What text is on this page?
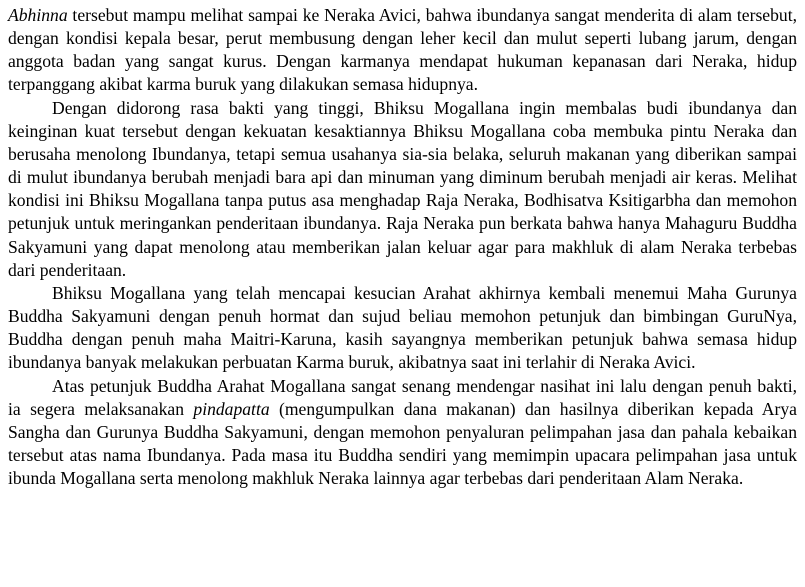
Abhinna tersebut mampu melihat sampai ke Neraka Avici, bahwa ibundanya sangat menderita di alam tersebut, dengan kondisi kepala besar, perut membusung dengan leher kecil dan mulut seperti lubang jarum, dengan anggota badan yang sangat kurus. Dengan karmanya mendapat hukuman kepanasan dari Neraka, hidup terpanggang akibat karma buruk yang dilakukan semasa hidupnya.

Dengan didorong rasa bakti yang tinggi, Bhiksu Mogallana ingin membalas budi ibundanya dan keinginan kuat tersebut dengan kekuatan kesaktiannya Bhiksu Mogallana coba membuka pintu Neraka dan berusaha menolong Ibundanya, tetapi semua usahanya sia-sia belaka, seluruh makanan yang diberikan sampai di mulut ibundanya berubah menjadi bara api dan minuman yang diminum berubah menjadi air keras. Melihat kondisi ini Bhiksu Mogallana tanpa putus asa menghadap Raja Neraka, Bodhisatva Ksitigarbha dan memohon petunjuk untuk meringankan penderitaan ibundanya. Raja Neraka pun berkata bahwa hanya Mahaguru Buddha Sakyamuni yang dapat menolong atau memberikan jalan keluar agar para makhluk di alam Neraka terbebas dari penderitaan.

Bhiksu Mogallana yang telah mencapai kesucian Arahat akhirnya kembali menemui Maha Gurunya Buddha Sakyamuni dengan penuh hormat dan sujud beliau memohon petunjuk dan bimbingan GuruNya, Buddha dengan penuh maha Maitri-Karuna, kasih sayangnya memberikan petunjuk bahwa semasa hidup ibundanya banyak melakukan perbuatan Karma buruk, akibatnya saat ini terlahir di Neraka Avici.

Atas petunjuk Buddha Arahat Mogallana sangat senang mendengar nasihat ini lalu dengan penuh bakti, ia segera melaksanakan pindapatta (mengumpulkan dana makanan) dan hasilnya diberikan kepada Arya Sangha dan Gurunya Buddha Sakyamuni, dengan memohon penyaluran pelimpahan jasa dan pahala kebaikan tersebut atas nama Ibundanya. Pada masa itu Buddha sendiri yang memimpin upacara pelimpahan jasa untuk ibunda Mogallana serta menolong makhluk Neraka lainnya agar terbebas dari penderitaan Alam Neraka.
